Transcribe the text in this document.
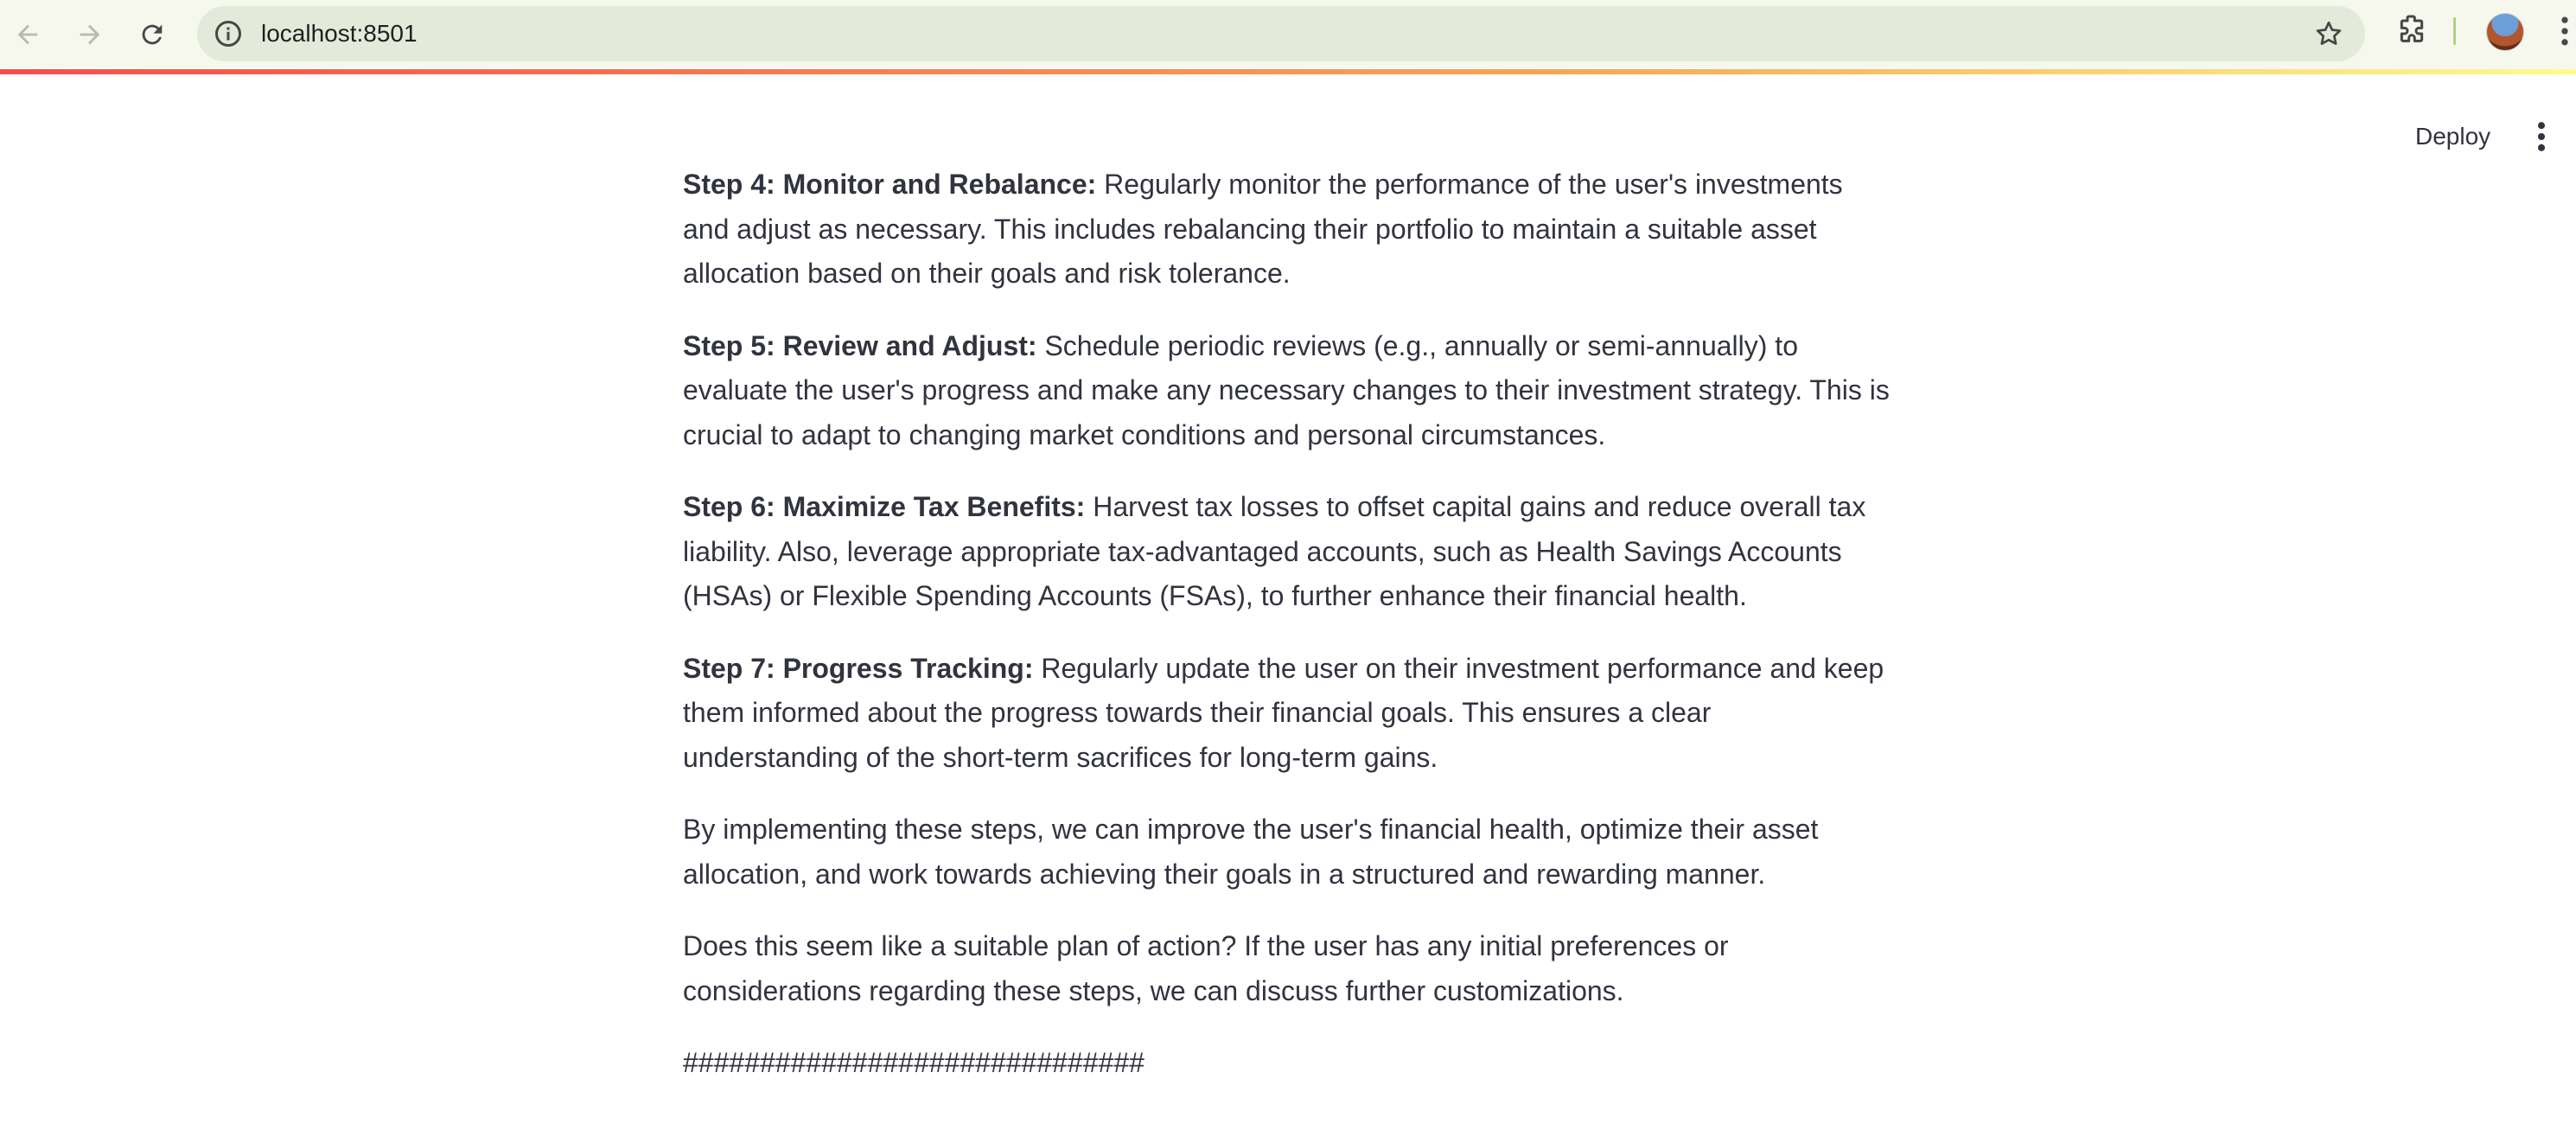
localhost:8501
Deploy

Step 4: Monitor and Rebalance: Regularly monitor the performance of the user's investments and adjust as necessary. This includes rebalancing their portfolio to maintain a suitable asset allocation based on their goals and risk tolerance.

Step 5: Review and Adjust: Schedule periodic reviews (e.g., annually or semi-annually) to evaluate the user's progress and make any necessary changes to their investment strategy. This is crucial to adapt to changing market conditions and personal circumstances.

Step 6: Maximize Tax Benefits: Harvest tax losses to offset capital gains and reduce overall tax liability. Also, leverage appropriate tax-advantaged accounts, such as Health Savings Accounts (HSAs) or Flexible Spending Accounts (FSAs), to further enhance their financial health.

Step 7: Progress Tracking: Regularly update the user on their investment performance and keep them informed about the progress towards their financial goals. This ensures a clear understanding of the short-term sacrifices for long-term gains.

By implementing these steps, we can improve the user's financial health, optimize their asset allocation, and work towards achieving their goals in a structured and rewarding manner.

Does this seem like a suitable plan of action? If the user has any initial preferences or considerations regarding these steps, we can discuss further customizations.

##############################
